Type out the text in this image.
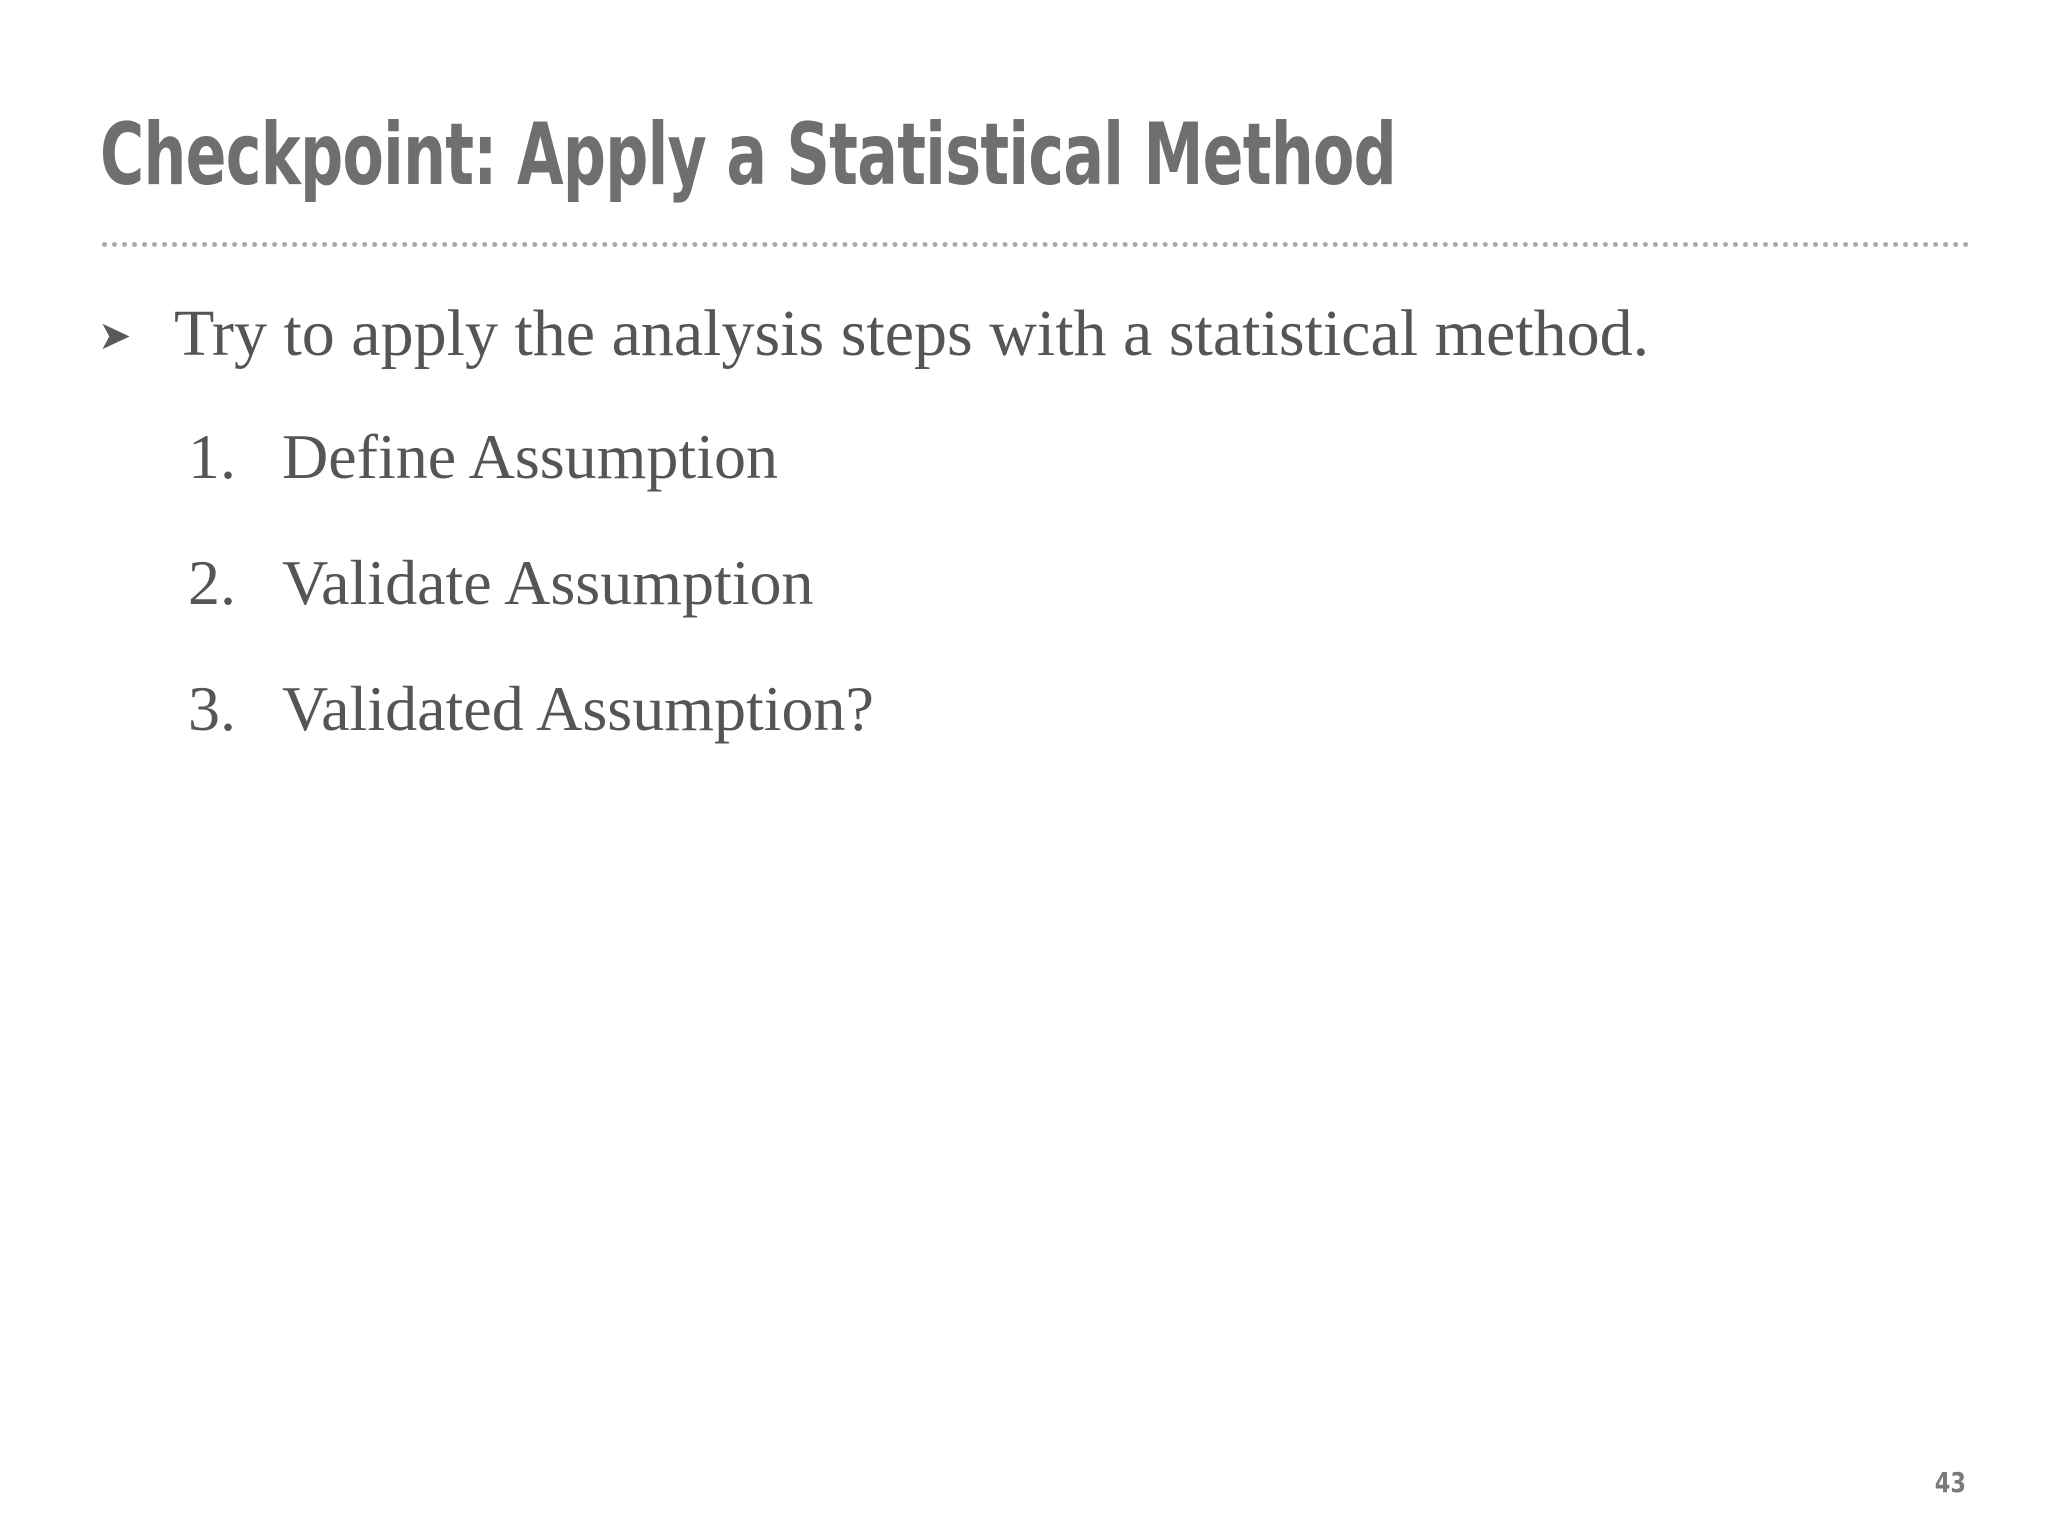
Checkpoint: Apply a Statistical Method
➤ Try to apply the analysis steps with a statistical method.
1. Define Assumption
2. Validate Assumption
3. Validated Assumption?
43
